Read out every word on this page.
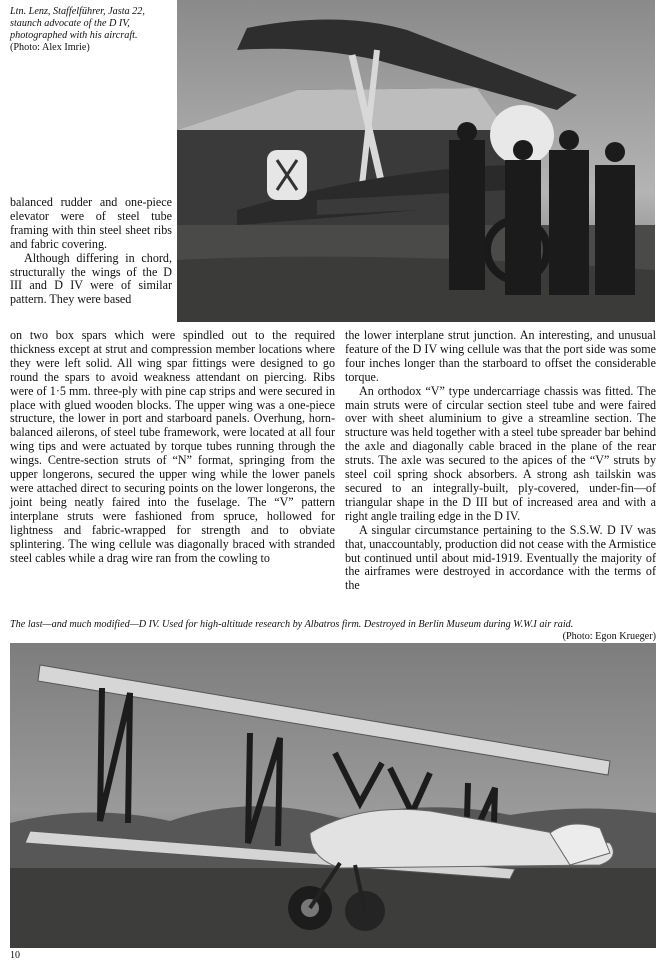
Ltn. Lenz, Staffelführer, Jasta 22, staunch advocate of the D IV, photographed with his aircraft. (Photo: Alex Imrie)

balanced rudder and one-piece elevator were of steel tube framing with thin steel sheet ribs and fabric covering.

Although differing in chord, structurally the wings of the D III and D IV were of similar pattern. They were based

on two box spars which were spindled out to the required thickness except at strut and compression member locations where they were left solid. All wing spar fittings were designed to go round the spars to avoid weakness attendant on piercing. Ribs were of 1·5 mm. three-ply with pine cap strips and were secured in place with glued wooden blocks. The upper wing was a one-piece structure, the lower in port and starboard panels. Overhung, horn-balanced ailerons, of steel tube framework, were located at all four wing tips and were actuated by torque tubes running through the wings. Centre-section struts of “N” format, springing from the upper longerons, secured the upper wing while the lower panels were attached direct to securing points on the lower longerons, the joint being neatly faired into the fuselage. The “V” pattern interplane struts were fashioned from spruce, hollowed for lightness and fabric-wrapped for strength and to obviate splintering. The wing cellule was diagonally braced with stranded steel cables while a drag wire ran from the cowling to

the lower interplane strut junction. An interesting, and unusual feature of the D IV wing cellule was that the port side was some four inches longer than the starboard to offset the considerable torque.

An orthodox “V” type undercarriage chassis was fitted. The main struts were of circular section steel tube and were faired over with sheet aluminium to give a streamline section. The structure was held together with a steel tube spreader bar behind the axle and diagonally cable braced in the plane of the rear struts. The axle was secured to the apices of the “V” struts by steel coil spring shock absorbers. A strong ash tailskin was secured to an integrally-built, ply-covered, under-fin—of triangular shape in the D III but of increased area and with a right angle trailing edge in the D IV.

A singular circumstance pertaining to the S.S.W. D IV was that, unaccountably, production did not cease with the Armistice but continued until about mid-1919. Eventually the majority of the airframes were destroyed in accordance with the terms of the

The last—and much modified—D IV. Used for high-altitude research by Albatros firm. Destroyed in Berlin Museum during W.W.I air raid.
(Photo: Egon Krueger)
10
